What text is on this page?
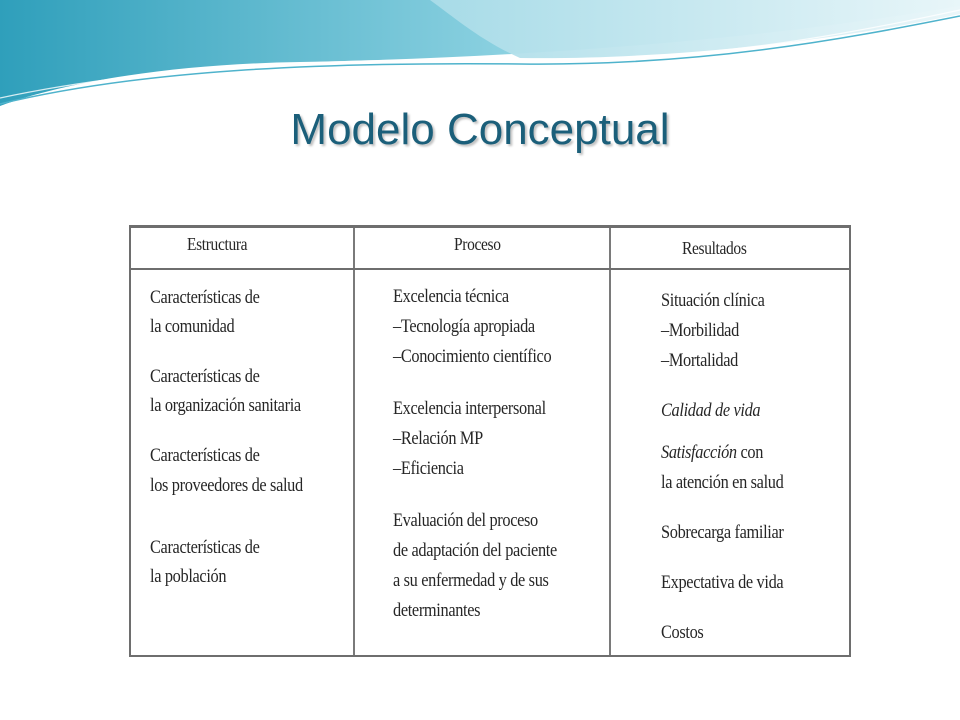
Modelo Conceptual
Estructura	Proceso	Resultados
Características de
la comunidad
Características de
la organización sanitaria
Características de
los proveedores de salud
Características de
la población
Excelencia técnica
–Tecnología apropiada
–Conocimiento científico
Excelencia interpersonal
–Relación MP
–Eficiencia
Evaluación del proceso
de adaptación del paciente
a su enfermedad y de sus
determinantes
Situación clínica
–Morbilidad
–Mortalidad
Calidad de vida
Satisfacción con
la atención en salud
Sobrecarga familiar
Expectativa de vida
Costos
